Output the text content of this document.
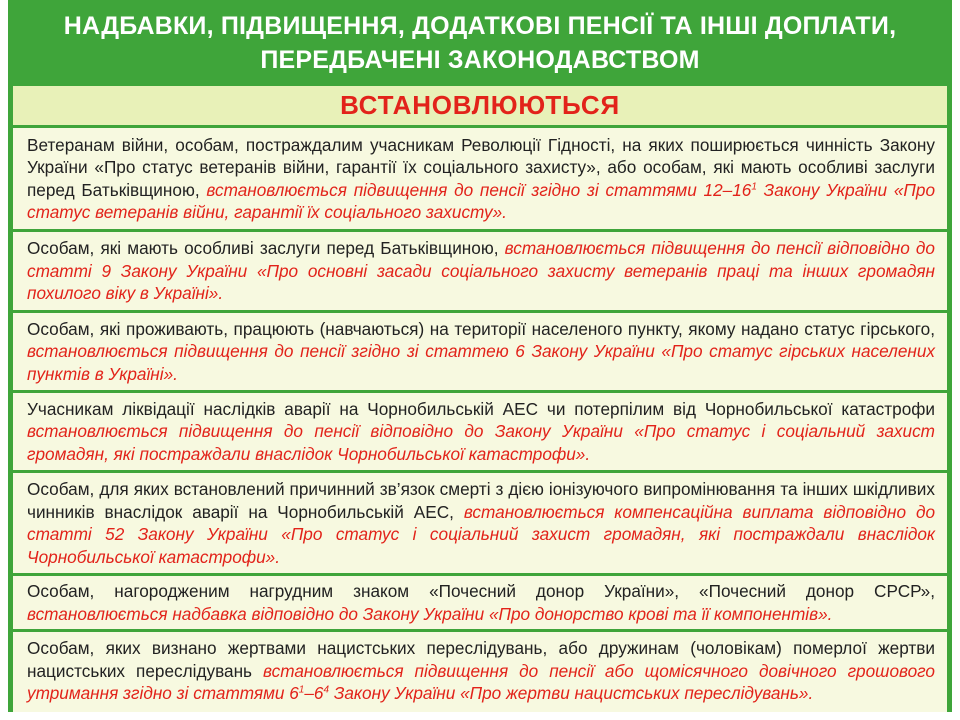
НАДБАВКИ, ПІДВИЩЕННЯ, ДОДАТКОВІ ПЕНСІЇ ТА ІНШІ ДОПЛАТИ,
ПЕРЕДБАЧЕНІ ЗАКОНОДАВСТВОМ
ВСТАНОВЛЮЮТЬСЯ

Ветеранам війни, особам, постраждалим учасникам Революції Гідності, на яких поширюється чинність Закону України «Про статус ветеранів війни, гарантії їх соціального захисту», або особам, які мають особливі заслуги перед Батьківщиною, встановлюється підвищення до пенсії згідно зі статтями $12-16^1$ Закону України «Про статус ветеранів війни, гарантії їх соціального захисту».

Особам, які мають особливі заслуги перед Батьківщиною, встановлюється підвищення до пенсії відповідно до статті 9 Закону України «Про основні засади соціального захисту ветеранів праці та інших громадян похилого віку в Україні».

Особам, які проживають, працюють (навчаються) на території населеного пункту, якому надано статус гірського, встановлюється підвищення до пенсії згідно зі статтею 6 Закону України «Про статус гірських населених пунктів в Україні».

Учасникам ліквідації наслідків аварії на Чорнобильській АЕС чи потерпілим від Чорнобильської катастрофи встановлюється підвищення до пенсії відповідно до Закону України «Про статус і соціальний захист громадян, які постраждали внаслідок Чорнобильської катастрофи».

Особам, для яких встановлений причинний зв’язок смерті з дією іонізуючого випромінювання та інших шкідливих чинників внаслідок аварії на Чорнобильській АЕС, встановлюється компенсаційна виплата відповідно до статті 52 Закону України «Про статус і соціальний захист громадян, які постраждали внаслідок Чорнобильської катастрофи».

Особам, нагородженим нагрудним знаком «Почесний донор України», «Почесний донор СРСР», встановлюється надбавка відповідно до Закону України «Про донорство крові та її компонентів».

Особам, яких визнано жертвами нацистських переслідувань, або дружинам (чоловікам) померлої жертви нацистських переслідувань встановлюється підвищення до пенсії або щомісячного довічного грошового утримання згідно зі статтями $6^1-6^4$ Закону України «Про жертви нацистських переслідувань».
